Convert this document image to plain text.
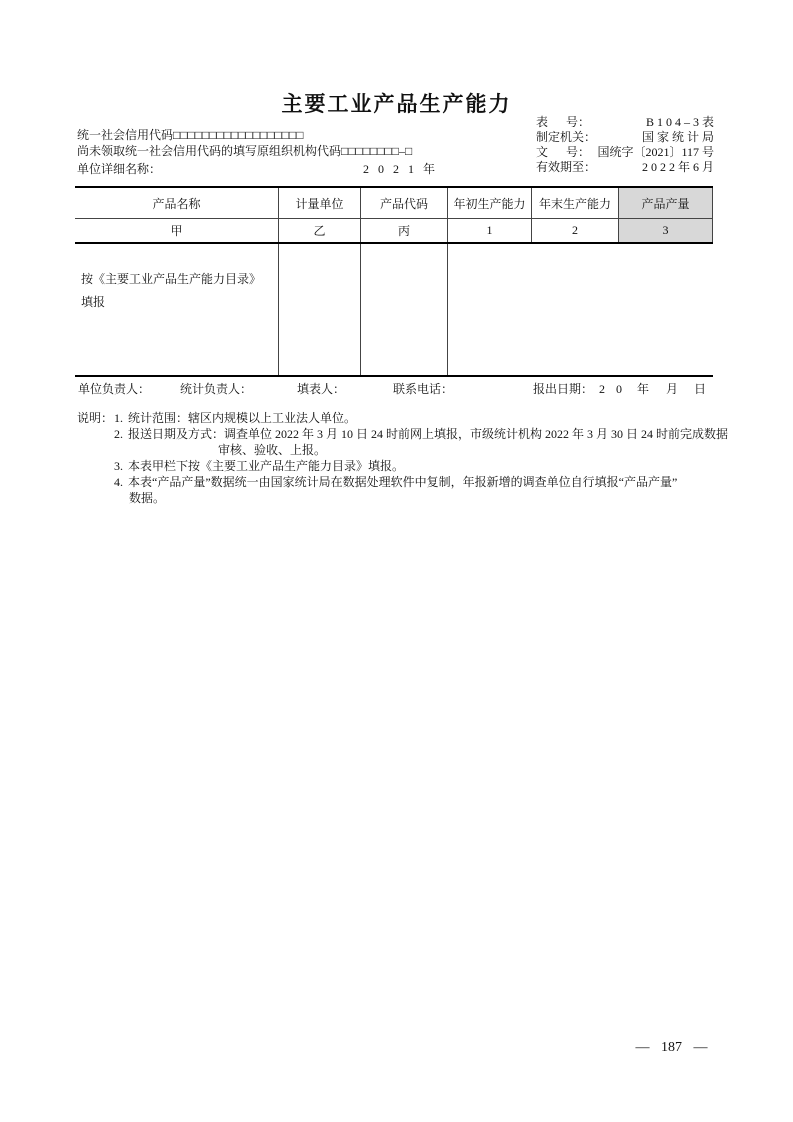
主要工业产品生产能力
表      号：	B 1 0 4 – 3 表
制定机关：	国 家 统 计 局
文      号： 国统字〔2021〕117 号
有效期至：	2 0 2 2 年 6 月
统一社会信用代码□□□□□□□□□□□□□□□□□□
尚未领取统一社会信用代码的填写原组织机构代码□□□□□□□□–□
单位详细名称：	2 0 2 1 年
产品名称	计量单位	产品代码	年初生产能力	年末生产能力	产品产量
甲	乙	丙	1	2	3
按《主要工业产品生产能力目录》
填报
单位负责人： 统计负责人：	填表人：	联系电话：	报出日期： 2 0 年 月 日
说明： 1. 统计范围：辖区内规模以上工业法人单位。
2. 报送日期及方式：调查单位 2022 年 3 月 10 日 24 时前网上填报，市级统计机构 2022 年 3 月 30 日 24 时前完成数据
审核、验收、上报。
3. 本表甲栏下按《主要工业产品生产能力目录》填报。
4. 本表“产品产量”数据统一由国家统计局在数据处理软件中复制，年报新增的调查单位自行填报“产品产量”
数据。
— 187 —
